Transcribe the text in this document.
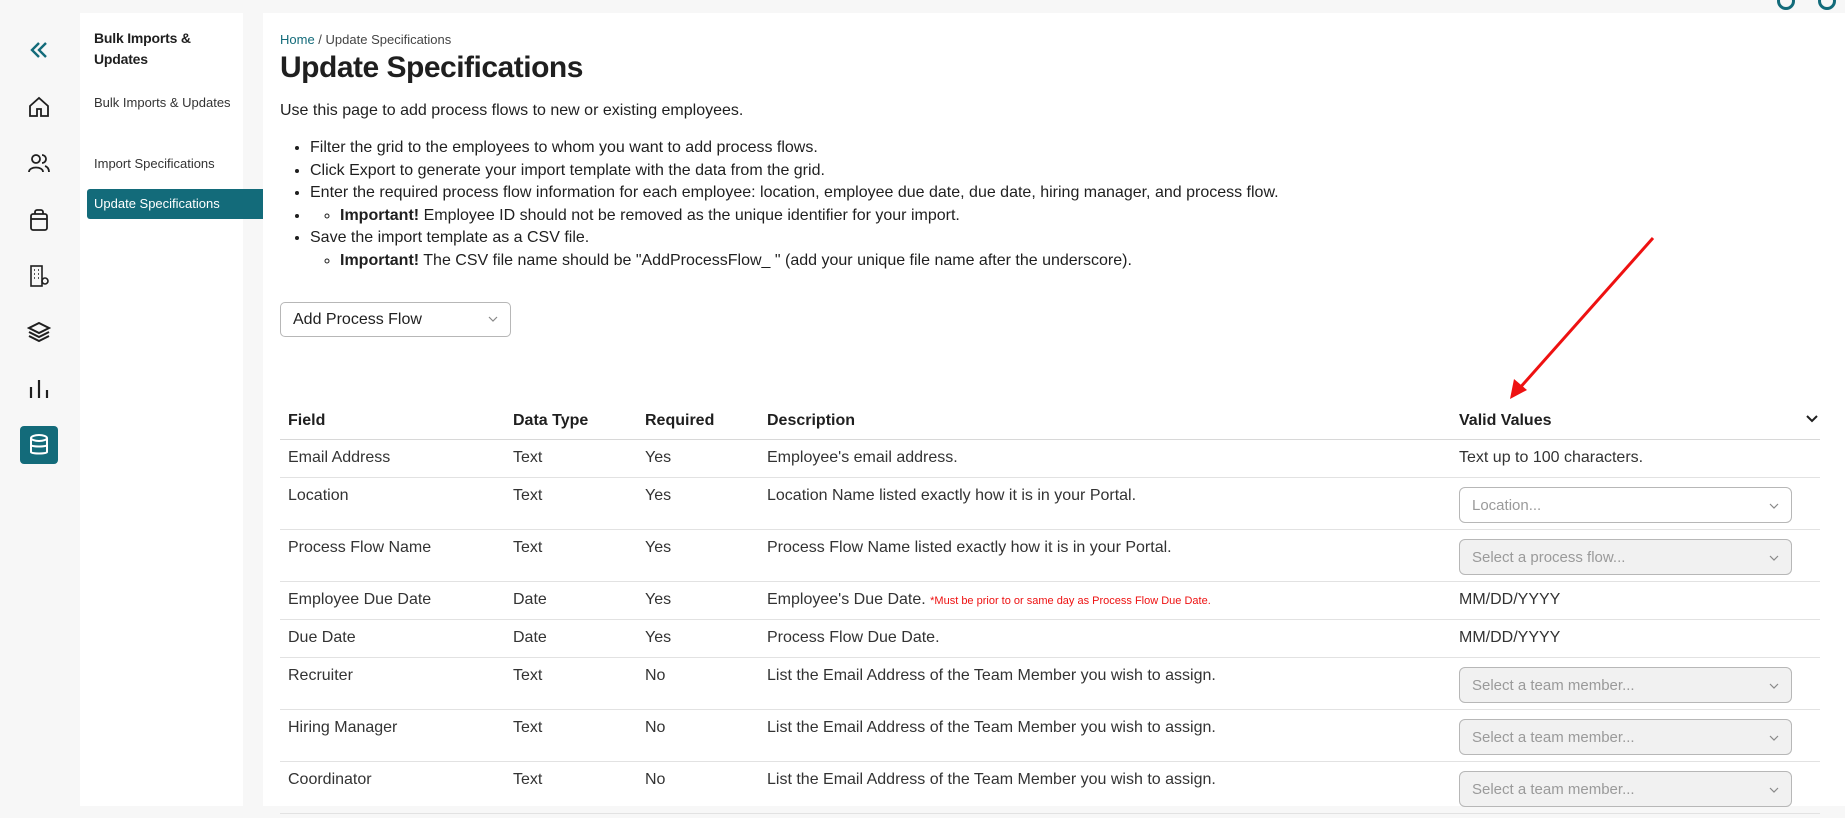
Bulk Imports & Updates
Bulk Imports & Updates
Import Specifications
Update Specifications
Home / Update Specifications
Update Specifications
Use this page to add process flows to new or existing employees.
• Filter the grid to the employees to whom you want to add process flows.
• Click Export to generate your import template with the data from the grid.
• Enter the required process flow information for each employee: location, employee due date, due date, hiring manager, and process flow.
◦ • Important! Employee ID should not be removed as the unique identifier for your import.
• Save the import template as a CSV file.
◦ Important! The CSV file name should be "AddProcessFlow_ " (add your unique file name after the underscore).
Add Process Flow
Field	Data Type	Required	Description	Valid Values

Email Address	Text	Yes	Employee's email address.	Text up to 100 characters.
Location	Text	Yes	Location Name listed exactly how it is in your Portal.	Location...

Process Flow Name	Text	Yes	Process Flow Name listed exactly how it is in your Portal.	Select a process flow...

Employee Due Date	Date	Yes	Employee's Due Date. *Must be prior to or same day as Process Flow Due Date.	MM/DD/YYYY
Due Date	Date	Yes	Process Flow Due Date.	MM/DD/YYYY
Recruiter	Text	No	List the Email Address of the Team Member you wish to assign.	Select a team member...

Hiring Manager	Text	No	List the Email Address of the Team Member you wish to assign.	Select a team member...

Coordinator	Text	No	List the Email Address of the Team Member you wish to assign.	Select a team member...
